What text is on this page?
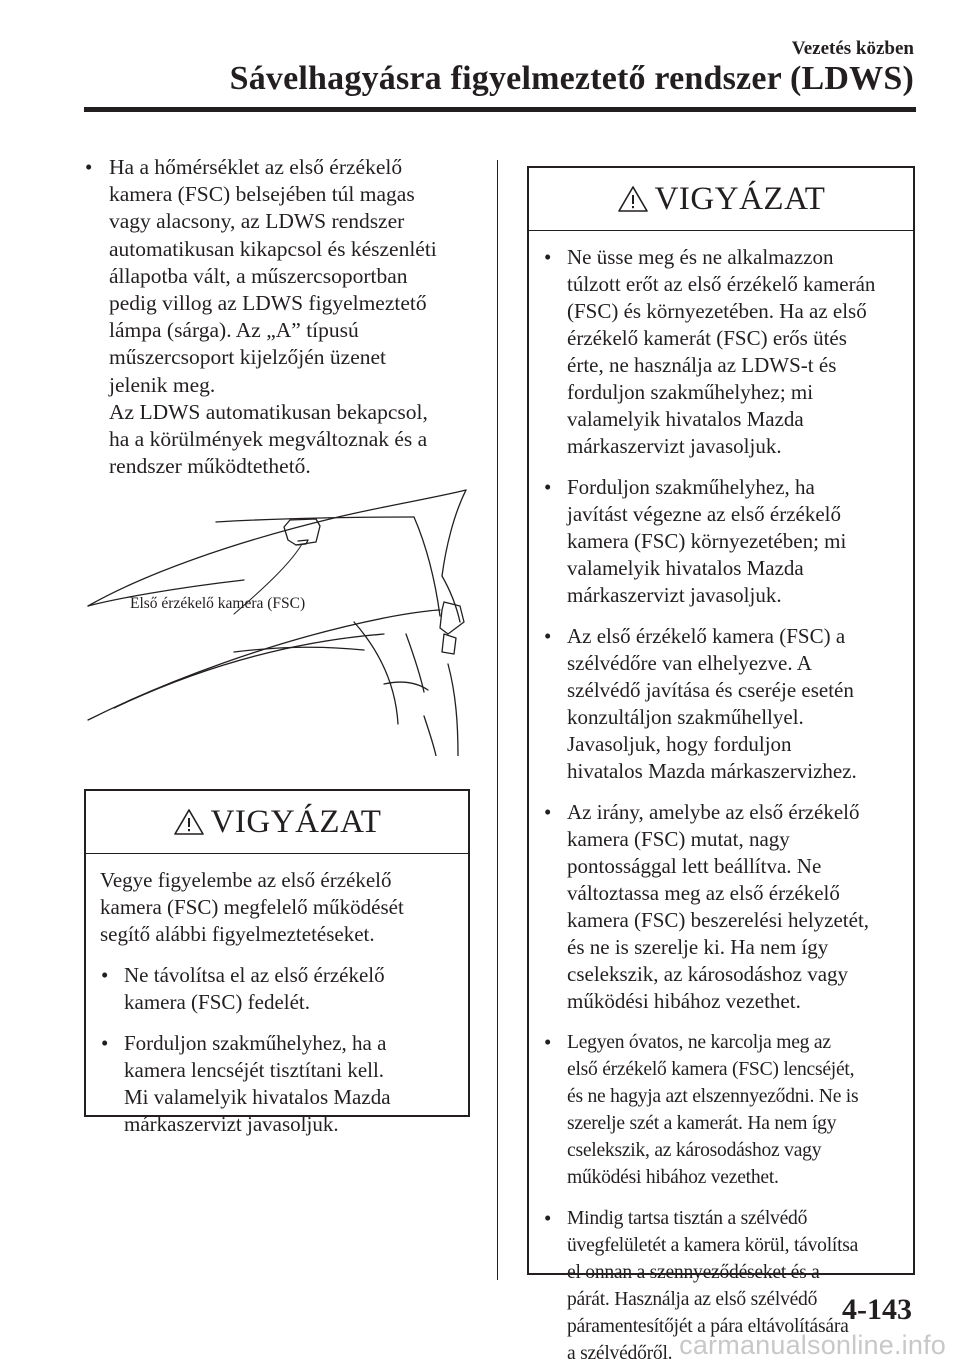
Vezetés közben
Sávelhagyásra figyelmeztető rendszer (LDWS)
• Ha a hőmérséklet az első érzékelő
kamera (FSC) belsejében túl magas
vagy alacsony, az LDWS rendszer
automatikusan kikapcsol és készenléti
állapotba vált, a műszercsoportban
pedig villog az LDWS figyelmeztető
lámpa (sárga). Az „A” típusú
műszercsoport kijelzőjén üzenet
jelenik meg.
Az LDWS automatikusan bekapcsol,
ha a körülmények megváltoznak és a
rendszer működtethető.
Első érzékelő kamera (FSC)
VIGYÁZAT
Vegye figyelembe az első érzékelő
kamera (FSC) megfelelő működését
segítő alábbi figyelmeztetéseket.
• Ne távolítsa el az első érzékelő
kamera (FSC) fedelét.
• Forduljon szakműhelyhez, ha a
kamera lencséjét tisztítani kell.
Mi valamelyik hivatalos Mazda
márkaszervizt javasoljuk.
VIGYÁZAT
• Ne üsse meg és ne alkalmazzon
túlzott erőt az első érzékelő kamerán
(FSC) és környezetében. Ha az első
érzékelő kamerát (FSC) erős ütés
érte, ne használja az LDWS-t és
forduljon szakműhelyhez; mi
valamelyik hivatalos Mazda
márkaszervizt javasoljuk.
• Forduljon szakműhelyhez, ha
javítást végezne az első érzékelő
kamera (FSC) környezetében; mi
valamelyik hivatalos Mazda
márkaszervizt javasoljuk.
• Az első érzékelő kamera (FSC) a
szélvédőre van elhelyezve. A
szélvédő javítása és cseréje esetén
konzultáljon szakműhellyel.
Javasoljuk, hogy forduljon
hivatalos Mazda márkaszervizhez.
• Az irány, amelybe az első érzékelő
kamera (FSC) mutat, nagy
pontossággal lett beállítva. Ne
változtassa meg az első érzékelő
kamera (FSC) beszerelési helyzetét,
és ne is szerelje ki. Ha nem így
cselekszik, az károsodáshoz vagy
működési hibához vezethet.
• Legyen óvatos, ne karcolja meg az
első érzékelő kamera (FSC) lencséjét,
és ne hagyja azt elszennyeződni. Ne is
szerelje szét a kamerát. Ha nem így
cselekszik, az károsodáshoz vagy
működési hibához vezethet.
• Mindig tartsa tisztán a szélvédő
üvegfelületét a kamera körül, távolítsa
el onnan a szennyeződéseket és a
párát. Használja az első szélvédő
páramentesítőjét a pára eltávolítására
a szélvédőről.
4-143
carmanualsonline.info
